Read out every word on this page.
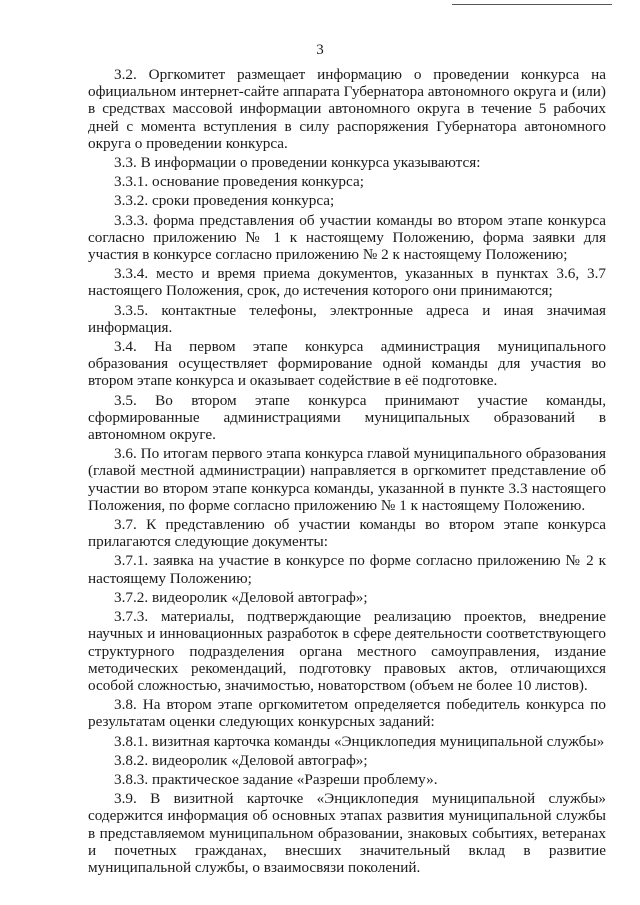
3

3.2. Оргкомитет размещает информацию о проведении конкурса на официальном интернет-сайте аппарата Губернатора автономного округа и (или) в средствах массовой информации автономного округа в течение 5 рабочих дней с момента вступления в силу распоряжения Губернатора автономного округа о проведении конкурса.

3.3. В информации о проведении конкурса указываются:

3.3.1. основание проведения конкурса;

3.3.2. сроки проведения конкурса;

3.3.3. форма представления об участии команды во втором этапе конкурса согласно приложению № 1 к настоящему Положению, форма заявки для участия в конкурсе согласно приложению № 2 к настоящему Положению;

3.3.4. место и время приема документов, указанных в пунктах 3.6, 3.7 настоящего Положения, срок, до истечения которого они принимаются;

3.3.5. контактные телефоны, электронные адреса и иная значимая информация.

3.4. На первом этапе конкурса администрация муниципального образования осуществляет формирование одной команды для участия во втором этапе конкурса и оказывает содействие в её подготовке.

3.5. Во втором этапе конкурса принимают участие команды, сформированные администрациями муниципальных образований в автономном округе.

3.6. По итогам первого этапа конкурса главой муниципального образования (главой местной администрации) направляется в оргкомитет представление об участии во втором этапе конкурса команды, указанной в пункте 3.3 настоящего Положения, по форме согласно приложению № 1 к настоящему Положению.

3.7. К представлению об участии команды во втором этапе конкурса прилагаются следующие документы:

3.7.1. заявка на участие в конкурсе по форме согласно приложению № 2 к настоящему Положению;

3.7.2. видеоролик «Деловой автограф»;

3.7.3. материалы, подтверждающие реализацию проектов, внедрение научных и инновационных разработок в сфере деятельности соответствующего структурного подразделения органа местного самоуправления, издание методических рекомендаций, подготовку правовых актов, отличающихся особой сложностью, значимостью, новаторством (объем не более 10 листов).

3.8. На втором этапе оргкомитетом определяется победитель конкурса по результатам оценки следующих конкурсных заданий:

3.8.1. визитная карточка команды «Энциклопедия муниципальной службы»

3.8.2. видеоролик «Деловой автограф»;

3.8.3. практическое задание «Разреши проблему».

3.9. В визитной карточке «Энциклопедия муниципальной службы» содержится информация об основных этапах развития муниципальной службы в представляемом муниципальном образовании, знаковых событиях, ветеранах и почетных гражданах, внесших значительный вклад в развитие муниципальной службы, о взаимосвязи поколений.
